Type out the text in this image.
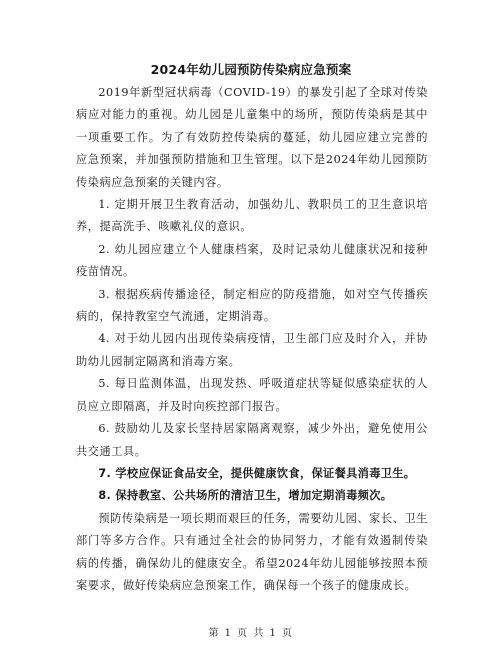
2024年幼儿园预防传染病应急预案

2019年新型冠状病毒（COVID-19）的暴发引起了全球对传染病应对能力的重视。幼儿园是儿童集中的场所，预防传染病是其中一项重要工作。为了有效防控传染病的蔓延，幼儿园应建立完善的应急预案，并加强预防措施和卫生管理。以下是2024年幼儿园预防传染病应急预案的关键内容。

1. 定期开展卫生教育活动，加强幼儿、教职员工的卫生意识培养，提高洗手、咳嗽礼仪的意识。

2. 幼儿园应建立个人健康档案，及时记录幼儿健康状况和接种疫苗情况。

3. 根据疾病传播途径，制定相应的防疫措施，如对空气传播疾病的，保持教室空气流通，定期消毒。

4. 对于幼儿园内出现传染病疫情，卫生部门应及时介入，并协助幼儿园制定隔离和消毒方案。

5. 每日监测体温，出现发热、呼吸道症状等疑似感染症状的人员应立即隔离，并及时向疾控部门报告。

6. 鼓励幼儿及家长坚持居家隔离观察，减少外出，避免使用公共交通工具。

7. 学校应保证食品安全，提供健康饮食，保证餐具消毒卫生。

8. 保持教室、公共场所的清洁卫生，增加定期消毒频次。

预防传染病是一项长期而艰巨的任务，需要幼儿园、家长、卫生部门等多方合作。只有通过全社会的协同努力，才能有效遏制传染病的传播，确保幼儿的健康安全。希望2024年幼儿园能够按照本预案要求，做好传染病应急预案工作，确保每一个孩子的健康成长。

第 1 页 共 1 页
